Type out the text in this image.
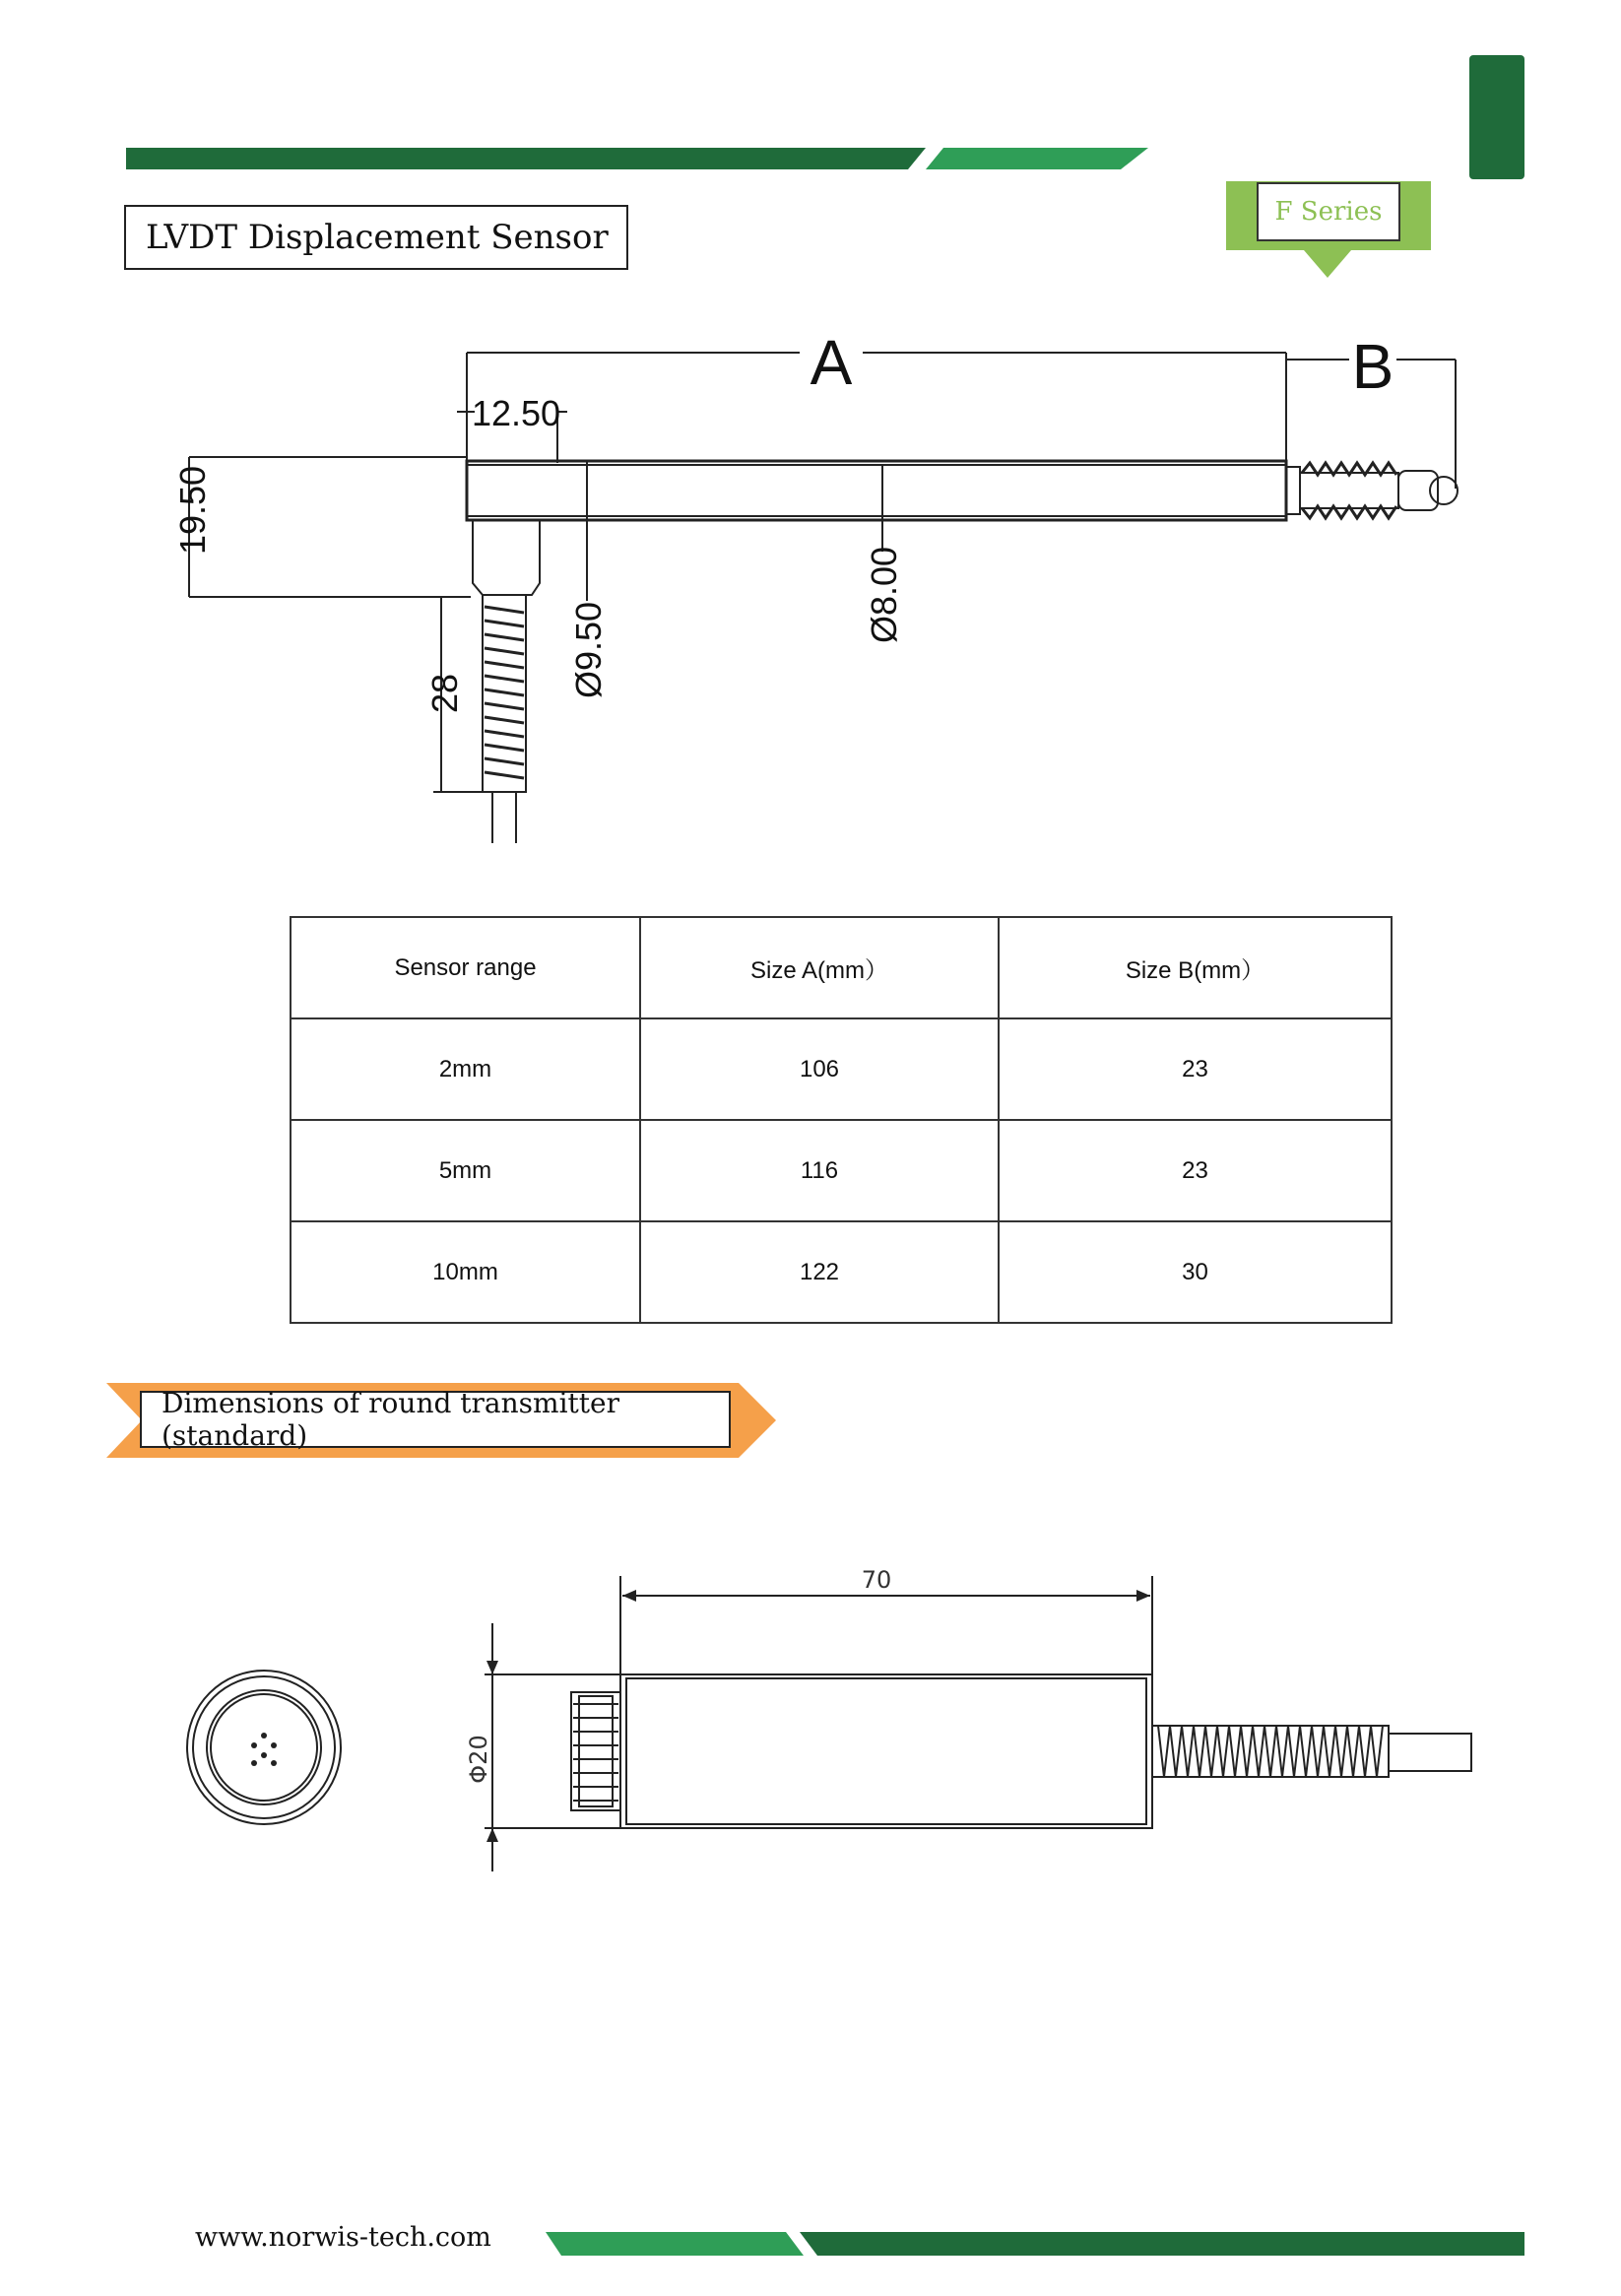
LVDT Displacement Sensor
F Series
A	B
12.50
19.50
28	Ø9.50
Ø8.00
Sensor range	Size A(mm）	Size B(mm）
2mm	106	23
5mm	116	23
10mm	122	30
Dimensions of round transmitter (standard)
70
Φ20
www.norwis-tech.com
